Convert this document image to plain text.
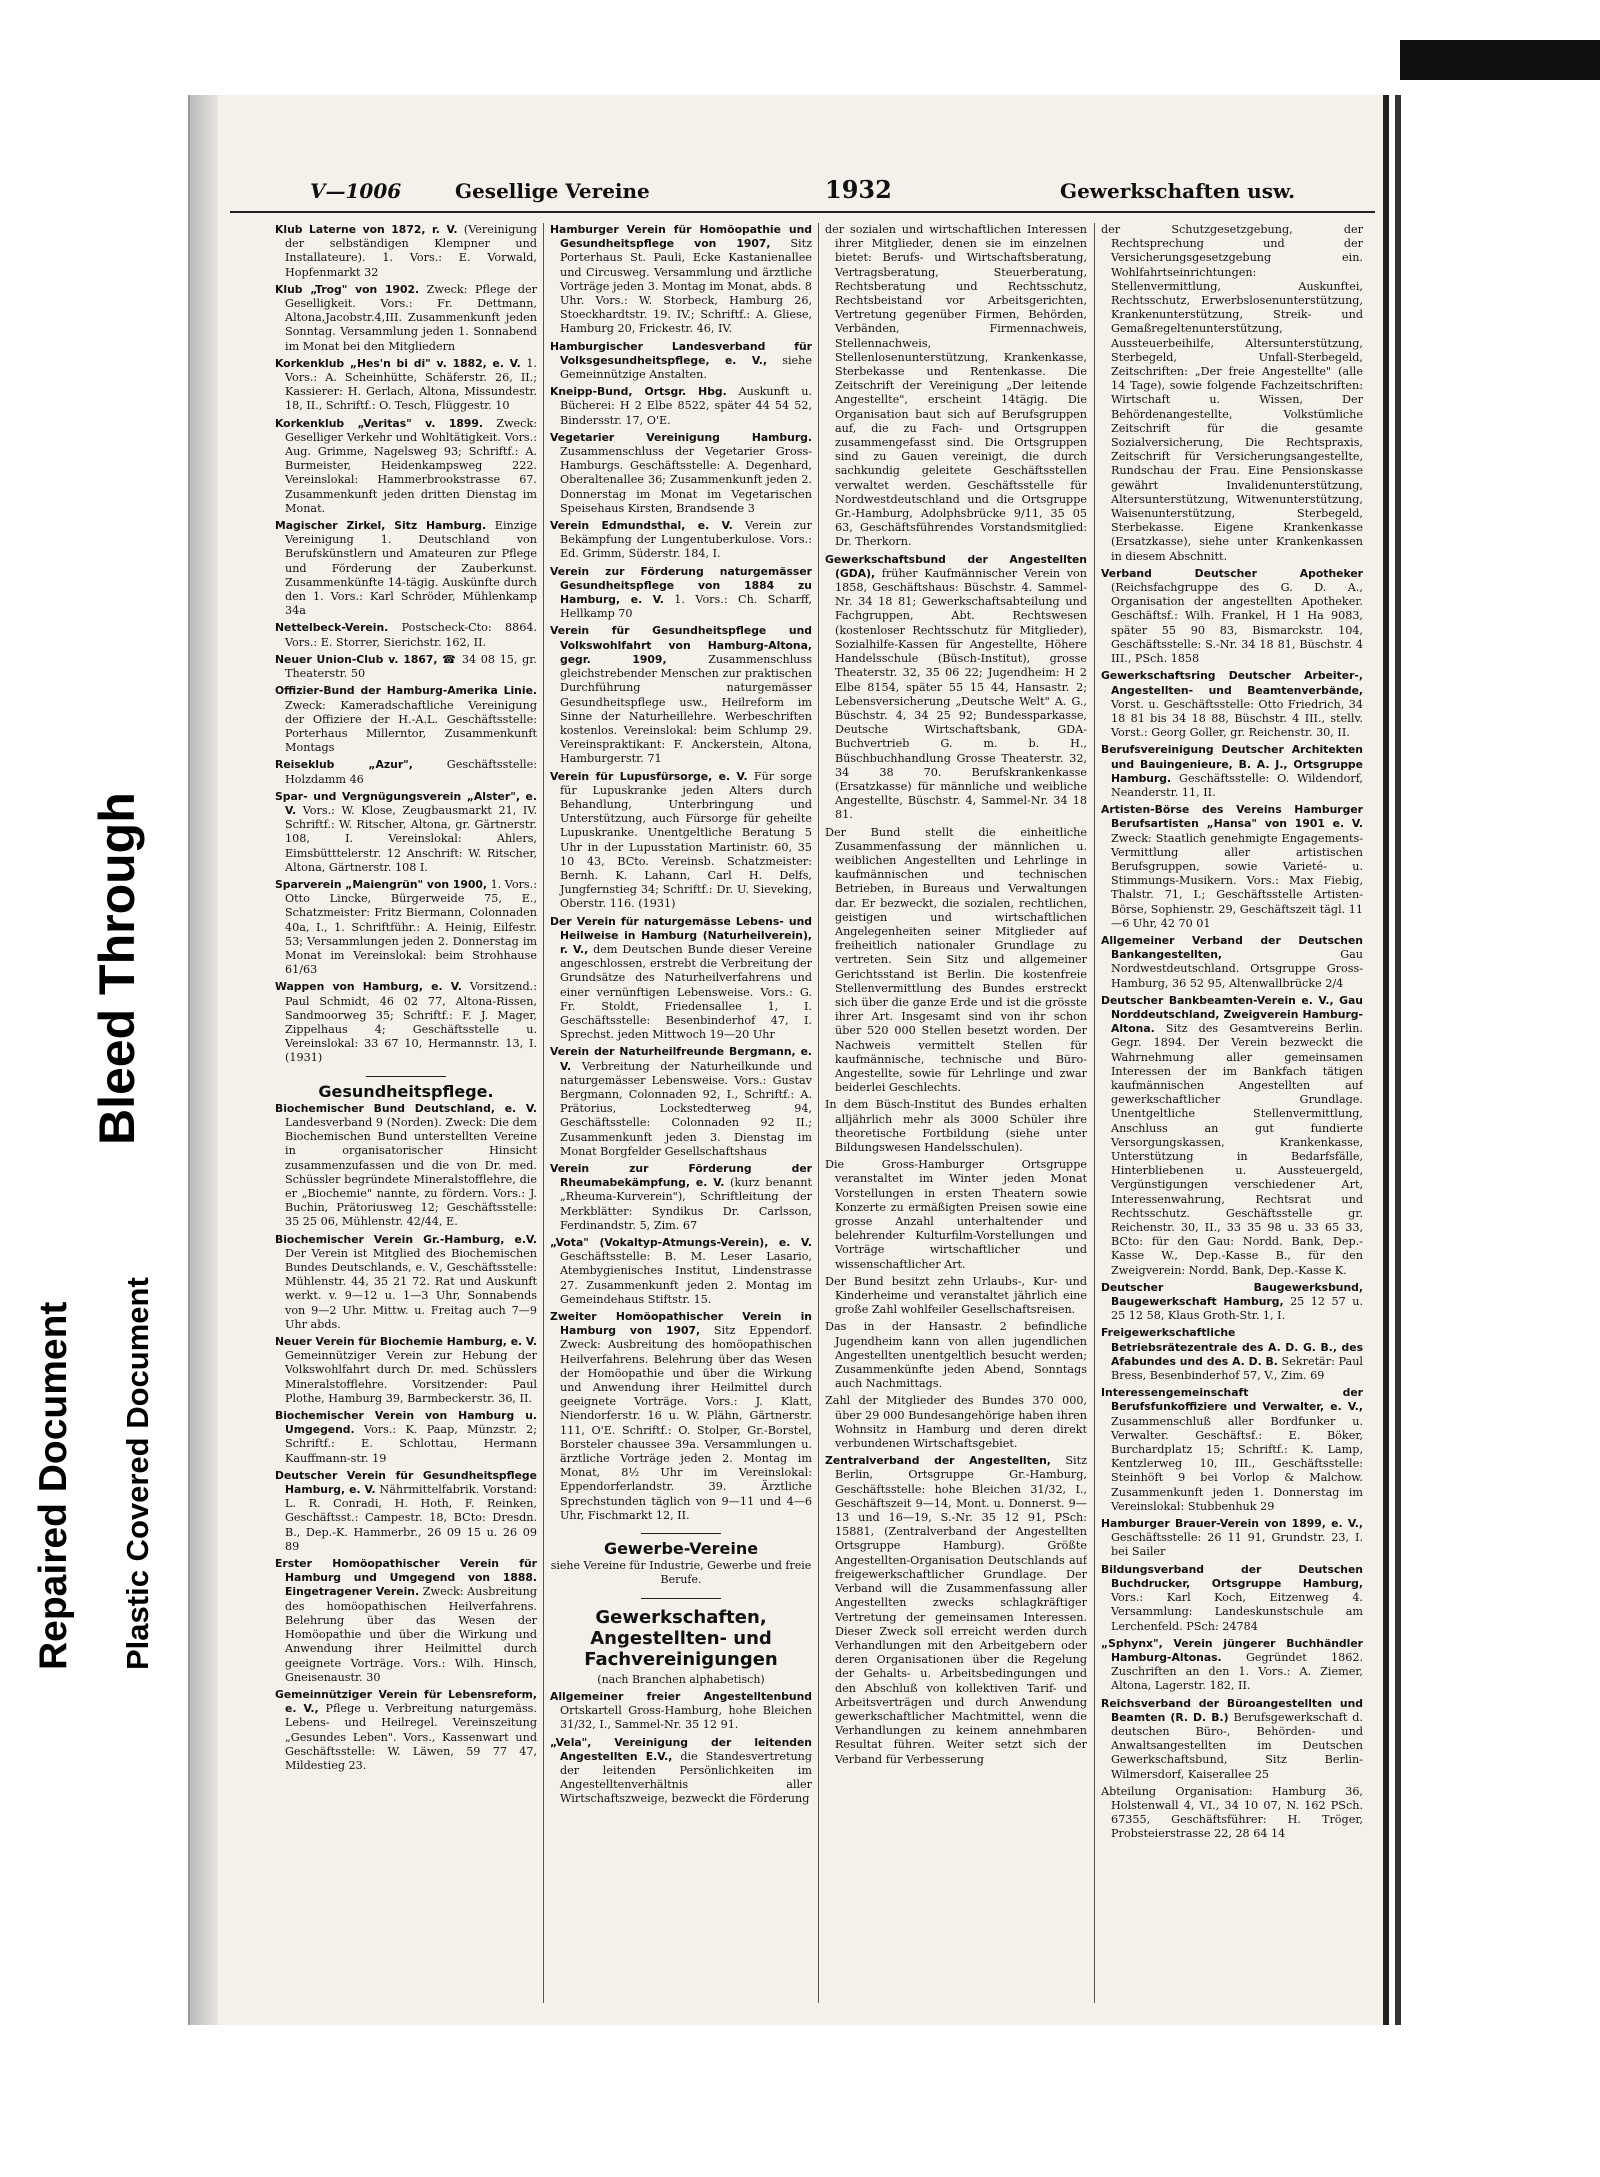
Repaired Document Plastic Covered Document
Bleed Through
V—1006	Gesellige Vereine	1932	Gewerkschaften usw.

Klub Laterne von 1872, r. V. (Vereinigung der selbständigen Klempner und Installateure). 1. Vors.: E. Vorwald, Hopfenmarkt 32

Klub „Trog" von 1902. Zweck: Pflege der Geselligkeit. Vors.: Fr. Dettmann, Altona,Jacobstr.4,III. Zusammenkunft jeden Sonntag. Versammlung jeden 1. Sonnabend im Monat bei den Mitgliedern

Korkenklub „Hes'n bi di" v. 1882, e. V. 1. Vors.: A. Scheinhütte, Schäferstr. 26, II.; Kassierer: H. Gerlach, Altona, Missundestr. 18, II., Schriftf.: O. Tesch, Flüggestr. 10

Korkenklub „Veritas" v. 1899. Zweck: Geselliger Verkehr und Wohltätigkeit. Vors.: Aug. Grimme, Nagelsweg 93; Schriftf.: A. Burmeister, Heidenkampsweg 222. Vereinslokal: Hammerbrookstrasse 67. Zusammenkunft jeden dritten Dienstag im Monat.

Magischer Zirkel, Sitz Hamburg. Einzige Vereinigung 1. Deutschland von Berufskünstlern und Amateuren zur Pflege und Förderung der Zauberkunst. Zusammenkünfte 14-tägig. Auskünfte durch den 1. Vors.: Karl Schröder, Mühlenkamp 34a

Nettelbeck-Verein. Postscheck-Cto: 8864. Vors.: E. Storrer, Sierichstr. 162, II.

Neuer Union-Club v. 1867, ☎ 34 08 15, gr. Theaterstr. 50

Offizier-Bund der Hamburg-Amerika Linie. Zweck: Kameradschaftliche Vereinigung der Offiziere der H.-A.L. Geschäftsstelle: Porterhaus Millerntor, Zusammenkunft Montags

Reiseklub „Azur",	Geschäftsstelle: Holzdamm 46

Spar- und Vergnügungsverein „Alster", e. V. Vors.: W. Klose, Zeugbausmarkt 21, IV. Schriftf.: W. Ritscher, Altona, gr. Gärtnerstr. 108, I. Vereinslokal: Ahlers, Eimsbütttelerstr. 12 Anschrift: W. Ritscher, Altona, Gärtnerstr. 108 I.

Sparverein „Maiengrün" von 1900, 1. Vors.: Otto Lincke, Bürgerweide 75, E., Schatzmeister: Fritz Biermann, Colonnaden 40a, I., 1. Schriftführ.: A. Heinig, Eilfestr. 53; Versammlungen jeden 2. Donnerstag im Monat im Vereinslokal: beim Strohhause 61/63

Wappen von Hamburg, e. V. Vorsitzend.: Paul Schmidt, 46 02 77, Altona-Rissen, Sandmoorweg 35; Schriftf.: F. J. Mager, Zippelhaus 4; Geschäftsstelle u. Vereinslokal: 33 67 10, Hermannstr. 13, I. (1931)

Gesundheitspflege.

Biochemischer Bund Deutschland, e. V. Landesverband 9 (Norden). Zweck: Die dem Biochemischen Bund unterstellten Vereine in organisatorischer Hinsicht zusammenzufassen und die von Dr. med. Schüssler begründete Mineralstofflehre, die er „Biochemie" nannte, zu fördern. Vors.: J. Buchin, Prätoriusweg 12; Geschäftsstelle: 35 25 06, Mühlenstr. 42/44, E.

Biochemischer Verein Gr.-Hamburg, e.V. Der Verein ist Mitglied des Biochemischen Bundes Deutschlands, e. V., Geschäftsstelle: Mühlenstr. 44, 35 21 72. Rat und Auskunft werkt. v. 9—12 u. 1—3 Uhr, Sonnabends von 9—2 Uhr. Mittw. u. Freitag auch 7—9 Uhr abds.

Neuer Verein für Biochemie Hamburg, e. V. Gemeinnütziger Verein zur Hebung der Volkswohlfahrt durch Dr. med. Schüsslers Mineralstofflehre. Vorsitzender: Paul Plothe, Hamburg 39, Barmbeckerstr. 36, II.

Biochemischer Verein von Hamburg u. Umgegend. Vors.: K. Paap, Münzstr. 2; Schriftf.: E. Schlottau, Hermann Kauffmann-str. 19

Deutscher Verein für Gesundheitspflege Hamburg, e. V. Nährmittelfabrik. Vorstand: L. R. Conradi, H. Hoth, F. Reinken, Geschäftsst.: Campestr. 18, BCto: Dresdn. B., Dep.-K. Hammerbr., 26 09 15 u. 26 09 89

Erster Homöopathischer Verein für Hamburg und Umgegend von 1888. Eingetragener Verein. Zweck: Ausbreitung des homöopathischen Heilverfahrens. Belehrung über das Wesen der Homöopathie und über die Wirkung und Anwendung ihrer Heilmittel durch geeignete Vorträge. Vors.: Wilh. Hinsch, Gneisenaustr. 30

Gemeinnütziger Verein für Lebensreform, e. V., Pflege u. Verbreitung naturgemäss. Lebens- und Heilregel. Vereinszeitung „Gesundes Leben". Vors., Kassenwart und Geschäftsstelle: W. Läwen, 59 77 47, Mildestieg 23.

Hamburger Verein für Homöopathie und Gesundheitspflege von 1907, Sitz Porterhaus St. Pauli, Ecke Kastanienallee und Circusweg. Versammlung und ärztliche Vorträge jeden 3. Montag im Monat, abds. 8 Uhr. Vors.: W. Storbeck, Hamburg 26, Stoeckhardtstr. 19. IV.; Schriftf.: A. Gliese, Hamburg 20, Frickestr. 46, IV.

Hamburgischer Landesverband für Volksgesundheitspflege, e. V., siehe Gemeinnützige Anstalten.

Kneipp-Bund, Ortsgr. Hbg. Auskunft u. Bücherei: H 2 Elbe 8522, später 44 54 52, Bindersstr. 17, O'E.

Vegetarier Vereinigung Hamburg. Zusammenschluss der Vegetarier Gross-Hamburgs. Geschäftsstelle: A. Degenhard, Oberaltenallee 36; Zusammenkunft jeden 2. Donnerstag im Monat im Vegetarischen Speisehaus Kirsten, Brandsende 3

Verein Edmundsthal, e. V. Verein zur Bekämpfung der Lungentuberkulose. Vors.: Ed. Grimm, Süderstr. 184, I.

Verein zur Förderung naturgemässer Gesundheitspflege von 1884 zu Hamburg, e. V. 1. Vors.: Ch. Scharff, Hellkamp 70

Verein für Gesundheitspflege und Volkswohlfahrt von Hamburg-Altona, gegr. 1909,	Zusammenschluss gleichstrebender Menschen zur praktischen Durchführung naturgemässer Gesundheitspflege usw., Heilreform im Sinne der Naturheillehre. Werbeschriften kostenlos. Vereinslokal: beim Schlump 29. Vereinspraktikant: F. Anckerstein, Altona, Hamburgerstr. 71

Verein für Lupusfürsorge, e. V. Für sorge für Lupuskranke jeden Alters durch Behandlung, Unterbringung und Unterstützung, auch Fürsorge für geheilte Lupuskranke. Unentgeltliche Beratung 5 Uhr in der Lupusstation Martinistr. 60, 35 10 43, BCto. Vereinsb. Schatzmeister: Bernh. K. Lahann, Carl H. Delfs, Jungfernstieg 34; Schriftf.: Dr. U. Sieveking, Oberstr. 116. (1931)

Der Verein für naturgemässe Lebens- und Heilweise in Hamburg (Naturheilverein), r. V., dem Deutschen Bunde dieser Vereine angeschlossen, erstrebt die Verbreitung der Grundsätze des Naturheilverfahrens und einer vernünftigen Lebensweise. Vors.: G. Fr. Stoldt, Friedensallee 1, I. Geschäftsstelle: Besenbinderhof 47, I. Sprechst. jeden Mittwoch 19—20 Uhr

Verein der Naturheilfreunde Bergmann, e. V. Verbreitung der Naturheilkunde und naturgemässer Lebensweise. Vors.: Gustav Bergmann, Colonnaden 92, I., Schriftf.: A. Prätorius, Lockstedterweg 94, Geschäftsstelle: Colonnaden 92 II.; Zusammenkunft jeden 3. Dienstag im Monat Borgfelder Gesellschaftshaus

Verein zur Förderung der Rheumabekämpfung, e. V. (kurz benannt „Rheuma-Kurverein"), Schriftleitung der Merkblätter: Syndikus Dr. Carlsson, Ferdinandstr. 5, Zim. 67

„Vota" (Vokaltyp-Atmungs-Verein), e. V. Geschäftsstelle: B. M. Leser Lasario, Atembygienisches Institut, Lindenstrasse 27. Zusammenkunft jeden 2. Montag im Gemeindehaus Stiftstr. 15.

Zweiter Homöopathischer Verein in Hamburg von 1907, Sitz Eppendorf. Zweck: Ausbreitung des homöopathischen Heilverfahrens. Belehrung über das Wesen der Homöopathie und über die Wirkung und Anwendung ihrer Heilmittel durch geeignete Vorträge. Vors.: J. Klatt, Niendorferstr. 16 u. W. Plähn, Gärtnerstr. 111, O'E. Schriftf.: O. Stolper, Gr.-Borstel, Borsteler chaussee 39a. Versammlungen u. ärztliche Vorträge jeden 2. Montag im Monat, 8½ Uhr im Vereinslokal: Eppendorferlandstr. 39. Ärztliche Sprechstunden täglich von 9—11 und 4—6 Uhr, Fischmarkt 12, II.

Gewerbe-Vereine

siehe Vereine für Industrie, Gewerbe und freie Berufe.

Gewerkschaften, Angestellten- und Fachvereinigungen

(nach Branchen alphabetisch)

Allgemeiner freier Angestelltenbund Ortskartell Gross-Hamburg, hohe Bleichen 31/32, I., Sammel-Nr. 35 12 91.

„Vela", Vereinigung der leitenden Angestellten E.V., die Standesvertretung der leitenden Persönlichkeiten im Angestelltenverhältnis aller Wirtschaftszweige, bezweckt die Förderung

der sozialen und wirtschaftlichen Interessen ihrer Mitglieder, denen sie im einzelnen bietet: Berufs- und Wirtschaftsberatung, Vertragsberatung, Steuerberatung, Rechtsberatung und Rechtsschutz, Rechtsbeistand vor Arbeitsgerichten, Vertretung gegenüber Firmen, Behörden, Verbänden, Firmennachweis, Stellennachweis, Stellenlosenunterstützung, Krankenkasse, Sterbekasse und Rentenkasse. Die Zeitschrift der Vereinigung „Der leitende Angestellte", erscheint 14tägig. Die Organisation baut sich auf Berufsgruppen auf, die zu Fach- und Ortsgruppen zusammengefasst sind. Die Ortsgruppen sind zu Gauen vereinigt, die durch sachkundig geleitete Geschäftsstellen verwaltet werden. Geschäftsstelle für Nordwestdeutschland und die Ortsgruppe Gr.-Hamburg, Adolphsbrücke 9/11, 35 05 63, Geschäftsführendes Vorstandsmitglied: Dr. Therkorn.

Gewerkschaftsbund der Angestellten (GDA), früher Kaufmännischer Verein von 1858, Geschäftshaus: Büschstr. 4. Sammel-Nr. 34 18 81; Gewerkschaftsabteilung und Fachgruppen, Abt. Rechtswesen (kostenloser Rechtsschutz für Mitglieder), Sozialhilfe-Kassen für Angestellte, Höhere Handelsschule (Büsch-Institut), grosse Theaterstr. 32, 35 06 22; Jugendheim: H 2 Elbe 8154, später 55 15 44, Hansastr. 2; Lebensversicherung „Deutsche Welt" A. G., Büschstr. 4, 34 25 92; Bundessparkasse, Deutsche Wirtschaftsbank, GDA-Buchvertrieb G. m. b. H., Büschbuchhandlung Grosse Theaterstr. 32, 34 38 70. Berufskrankenkasse (Ersatzkasse) für männliche und weibliche Angestellte, Büschstr. 4, Sammel-Nr. 34 18 81.

Der Bund stellt die einheitliche Zusammenfassung der männlichen u. weiblichen Angestellten und Lehrlinge in kaufmännischen und technischen Betrieben, in Bureaus und Verwaltungen dar. Er bezweckt, die sozialen, rechtlichen, geistigen und wirtschaftlichen Angelegenheiten seiner Mitglieder auf freiheitlich nationaler Grundlage zu vertreten. Sein Sitz und allgemeiner Gerichtsstand ist Berlin. Die kostenfreie Stellenvermittlung des Bundes erstreckt sich über die ganze Erde und ist die grösste ihrer Art. Insgesamt sind von ihr schon über 520 000 Stellen besetzt worden. Der Nachweis vermittelt Stellen für kaufmännische, technische und Büro-Angestellte, sowie für Lehrlinge und zwar beiderlei Geschlechts.

In dem Büsch-Institut des Bundes erhalten alljährlich mehr als 3000 Schüler ihre theoretische Fortbildung (siehe unter Bildungswesen Handelsschulen).

Die Gross-Hamburger Ortsgruppe veranstaltet im Winter jeden Monat Vorstellungen in ersten Theatern sowie Konzerte zu ermäßigten Preisen sowie eine grosse Anzahl unterhaltender und belehrender Kulturfilm-Vorstellungen und Vorträge wirtschaftlicher und wissenschaftlicher Art.

Der Bund besitzt zehn Urlaubs-, Kur- und Kinderheime und veranstaltet jährlich eine große Zahl wohlfeiler Gesellschaftsreisen.

Das in der Hansastr. 2 befindliche Jugendheim kann von allen jugendlichen Angestellten unentgeltlich besucht werden; Zusammenkünfte jeden Abend, Sonntags auch Nachmittags.

Zahl der Mitglieder des Bundes 370 000, über 29 000 Bundesangehörige haben ihren Wohnsitz in Hamburg und deren direkt verbundenen Wirtschaftsgebiet.

Zentralverband der Angestellten, Sitz Berlin, Ortsgruppe Gr.-Hamburg, Geschäftsstelle: hohe Bleichen 31/32, I., Geschäftszeit 9—14, Mont. u. Donnerst. 9—13 und 16—19, S.-Nr. 35 12 91, PSch: 15881, (Zentralverband der Angestellten Ortsgruppe Hamburg). Größte Angestellten-Organisation Deutschlands auf freigewerkschaftlicher Grundlage. Der Verband will die Zusammenfassung aller Angestellten zwecks schlagkräftiger Vertretung der gemeinsamen Interessen. Dieser Zweck soll erreicht werden durch Verhandlungen mit den Arbeitgebern oder deren Organisationen über die Regelung der Gehalts- u. Arbeitsbedingungen und den Abschluß von kollektiven Tarif- und Arbeitsverträgen und durch Anwendung gewerkschaftlicher Machtmittel, wenn die Verhandlungen zu keinem annehmbaren Resultat führen. Weiter setzt sich der Verband für Verbesserung

der Schutzgesetzgebung, der Rechtsprechung und der Versicherungsgesetzgebung ein. Wohlfahrtseinrichtungen: Stellenvermittlung, Auskunftei, Rechtsschutz, Erwerbslosenunterstützung, Krankenunterstützung, Streik- und Gemaßregeltenunterstützung, Aussteuerbeihilfe, Altersunterstützung, Sterbegeld, Unfall-Sterbegeld, Zeitschriften: „Der freie Angestellte" (alle 14 Tage), sowie folgende Fachzeitschriften: Wirtschaft u. Wissen, Der Behördenangestellte, Volkstümliche Zeitschrift für die gesamte Sozialversicherung, Die Rechtspraxis, Zeitschrift für Versicherungsangestellte, Rundschau der Frau. Eine Pensionskasse gewährt Invalidenunterstützung, Altersunterstützung, Witwenunterstützung, Waisenunterstützung, Sterbegeld, Sterbekasse. Eigene Krankenkasse (Ersatzkasse), siehe unter Krankenkassen in diesem Abschnitt.

Verband Deutscher Apotheker (Reichsfachgruppe des G. D. A., Organisation der angestellten Apotheker. Geschäftsf.: Wilh. Frankel, H 1 Ha 9083, später 55 90 83, Bismarckstr. 104, Geschäftsstelle: S.-Nr. 34 18 81, Büschstr. 4 III., PSch. 1858

Gewerkschaftsring Deutscher Arbeiter-, Angestellten- und Beamtenverbände, Vorst. u. Geschäftsstelle: Otto Friedrich, 34 18 81 bis 34 18 88, Büschstr. 4 III., stellv. Vorst.: Georg Goller, gr. Reichenstr. 30, II.

Berufsvereinigung Deutscher Architekten und Bauingenieure, B. A. J., Ortsgruppe Hamburg. Geschäftsstelle: O. Wildendorf, Neanderstr. 11, II.

Artisten-Börse des Vereins Hamburger Berufsartisten „Hansa" von 1901 e. V. Zweck: Staatlich genehmigte Engagements-Vermittlung aller artistischen Berufsgruppen, sowie Varieté- u. Stimmungs-Musikern. Vors.: Max Fiebig, Thalstr. 71, I.; Geschäftsstelle Artisten-Börse, Sophienstr. 29, Geschäftszeit tägl. 11—6 Uhr, 42 70 01

Allgemeiner Verband der Deutschen Bankangestellten,	Gau Nordwestdeutschland. Ortsgruppe Gross-Hamburg, 36 52 95, Altenwallbrücke 2/4

Deutscher Bankbeamten-Verein e. V., Gau Norddeutschland, Zweigverein Hamburg-Altona. Sitz des Gesamtvereins Berlin. Gegr. 1894. Der Verein bezweckt die Wahrnehmung aller gemeinsamen Interessen der im Bankfach tätigen kaufmännischen Angestellten auf gewerkschaftlicher Grundlage. Unentgeltliche Stellenvermittlung, Anschluss an gut fundierte Versorgungskassen, Krankenkasse, Unterstützung in Bedarfsfälle, Hinterbliebenen u. Aussteuergeld, Vergünstigungen verschiedener Art, Interessenwahrung, Rechtsrat und Rechtsschutz. Geschäftsstelle gr. Reichenstr. 30, II., 33 35 98 u. 33 65 33, BCto: für den Gau: Nordd. Bank, Dep.-Kasse W., Dep.-Kasse B., für den Zweigverein: Nordd. Bank, Dep.-Kasse K.

Deutscher Baugewerksbund, Baugewerkschaft Hamburg, 25 12 57 u. 25 12 58, Klaus Groth-Str. 1, I.

Freigewerkschaftliche Betriebsrätezentrale des A. D. G. B., des Afabundes und des A. D. B. Sekretär: Paul Bress, Besenbinderhof 57, V., Zim. 69

Interessengemeinschaft der Berufsfunkoffiziere und Verwalter, e. V., Zusammenschluß aller Bordfunker u. Verwalter. Geschäftsf.: E. Böker, Burchardplatz 15; Schriftf.: K. Lamp, Kentzlerweg 10, III., Geschäftsstelle: Steinhöft 9 bei Vorlop & Malchow. Zusammenkunft jeden 1. Donnerstag im Vereinslokal: Stubbenhuk 29

Hamburger Brauer-Verein von 1899, e. V., Geschäftsstelle: 26 11 91, Grundstr. 23, I. bei Sailer

Bildungsverband der Deutschen Buchdrucker, Ortsgruppe Hamburg, Vors.: Karl Koch, Eitzenweg 4. Versammlung: Landeskunstschule am Lerchenfeld. PSch: 24784

„Sphynx", Verein jüngerer Buchhändler Hamburg-Altonas. Gegründet 1862. Zuschriften an den 1. Vors.: A. Ziemer, Altona, Lagerstr. 182, II.

Reichsverband der Büroangestellten und Beamten (R. D. B.) Berufsgewerkschaft d. deutschen Büro-, Behörden- und Anwaltsangestellten im Deutschen Gewerkschaftsbund, Sitz Berlin-Wilmersdorf, Kaiserallee 25

Abteilung Organisation: Hamburg 36, Holstenwall 4, VI., 34 10 07, N. 162 PSch. 67355, Geschäftsführer: H. Tröger, Probsteierstrasse 22, 28 64 14
